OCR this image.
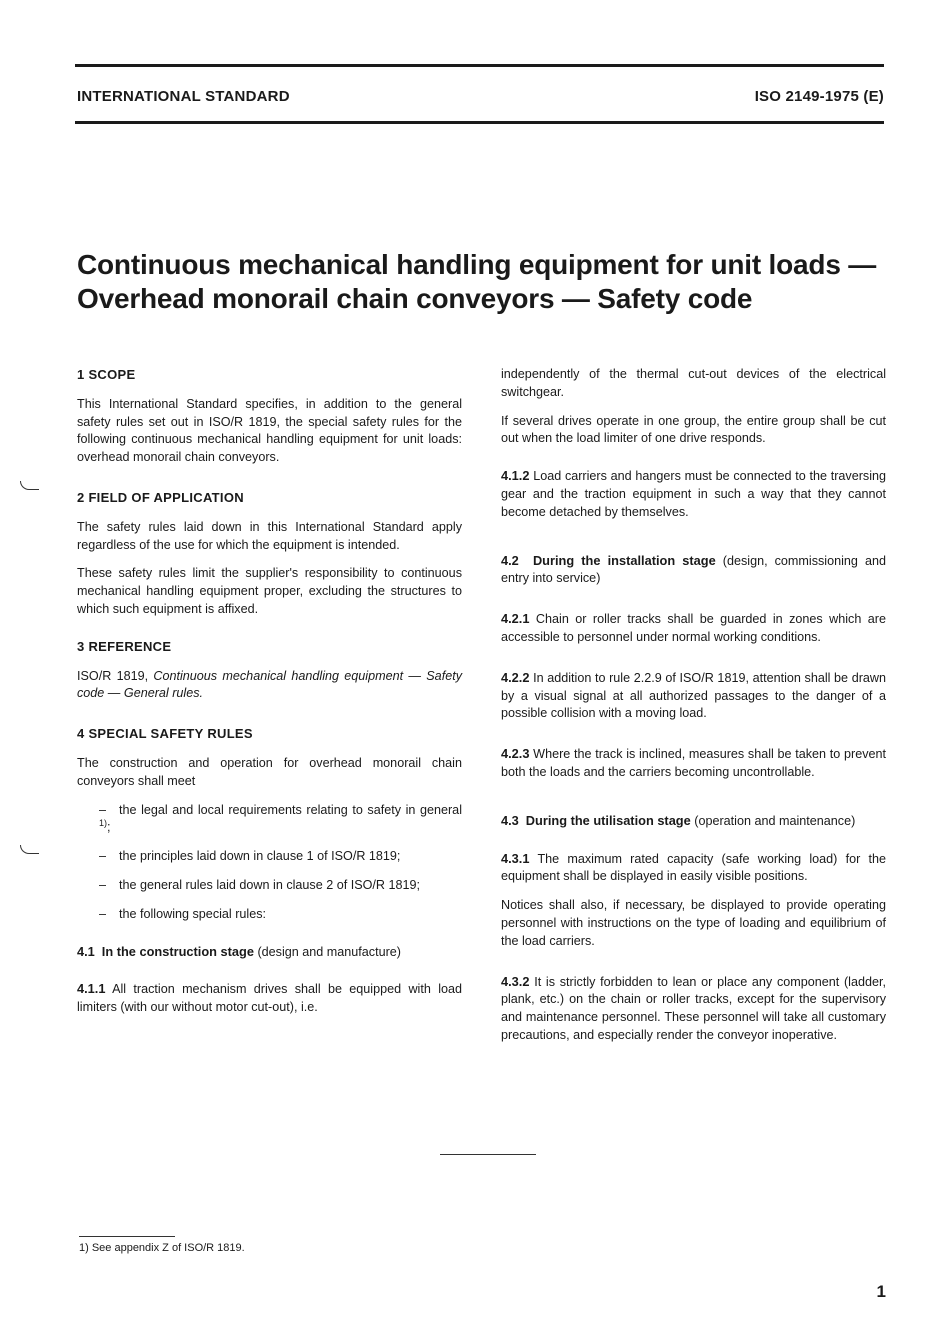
INTERNATIONAL STANDARD	ISO 2149-1975 (E)
Continuous mechanical handling equipment for unit loads —
Overhead monorail chain conveyors — Safety code
1 SCOPE

This International Standard specifies, in addition to the general safety rules set out in ISO/R 1819, the special safety rules for the following continuous mechanical handling equipment for unit loads: overhead monorail chain conveyors.

2 FIELD OF APPLICATION

The safety rules laid down in this International Standard apply regardless of the use for which the equipment is intended.

These safety rules limit the supplier's responsibility to continuous mechanical handling equipment proper, excluding the structures to which such equipment is affixed.

3 REFERENCE

ISO/R 1819, Continuous mechanical handling equipment — Safety code — General rules.

4 SPECIAL SAFETY RULES

The construction and operation for overhead monorail chain conveyors shall meet

– the legal and local requirements relating to safety in general $^{1)}$;

– the principles laid down in clause 1 of ISO/R 1819;

– the general rules laid down in clause 2 of ISO/R 1819;

– the following special rules:

4.1 In the construction stage (design and manufacture)

4.1.1 All traction mechanism drives shall be equipped with load limiters (with our without motor cut-out), i.e.

independently of the thermal cut-out devices of the electrical switchgear.

If several drives operate in one group, the entire group shall be cut out when the load limiter of one drive responds.

4.1.2 Load carriers and hangers must be connected to the traversing gear and the traction equipment in such a way that they cannot become detached by themselves.

4.2 During the installation stage (design, commissioning and entry into service)

4.2.1 Chain or roller tracks shall be guarded in zones which are accessible to personnel under normal working conditions.

4.2.2 In addition to rule 2.2.9 of ISO/R 1819, attention shall be drawn by a visual signal at all authorized passages to the danger of a possible collision with a moving load.

4.2.3 Where the track is inclined, measures shall be taken to prevent both the loads and the carriers becoming uncontrollable.

4.3 During the utilisation stage (operation and maintenance)

4.3.1 The maximum rated capacity (safe working load) for the equipment shall be displayed in easily visible positions.

Notices shall also, if necessary, be displayed to provide operating personnel with instructions on the type of loading and equilibrium of the load carriers.

4.3.2 It is strictly forbidden to lean or place any component (ladder, plank, etc.) on the chain or roller tracks, except for the supervisory and maintenance personnel. These personnel will take all customary precautions, and especially render the conveyor inoperative.

1) See appendix Z of ISO/R 1819.
1
